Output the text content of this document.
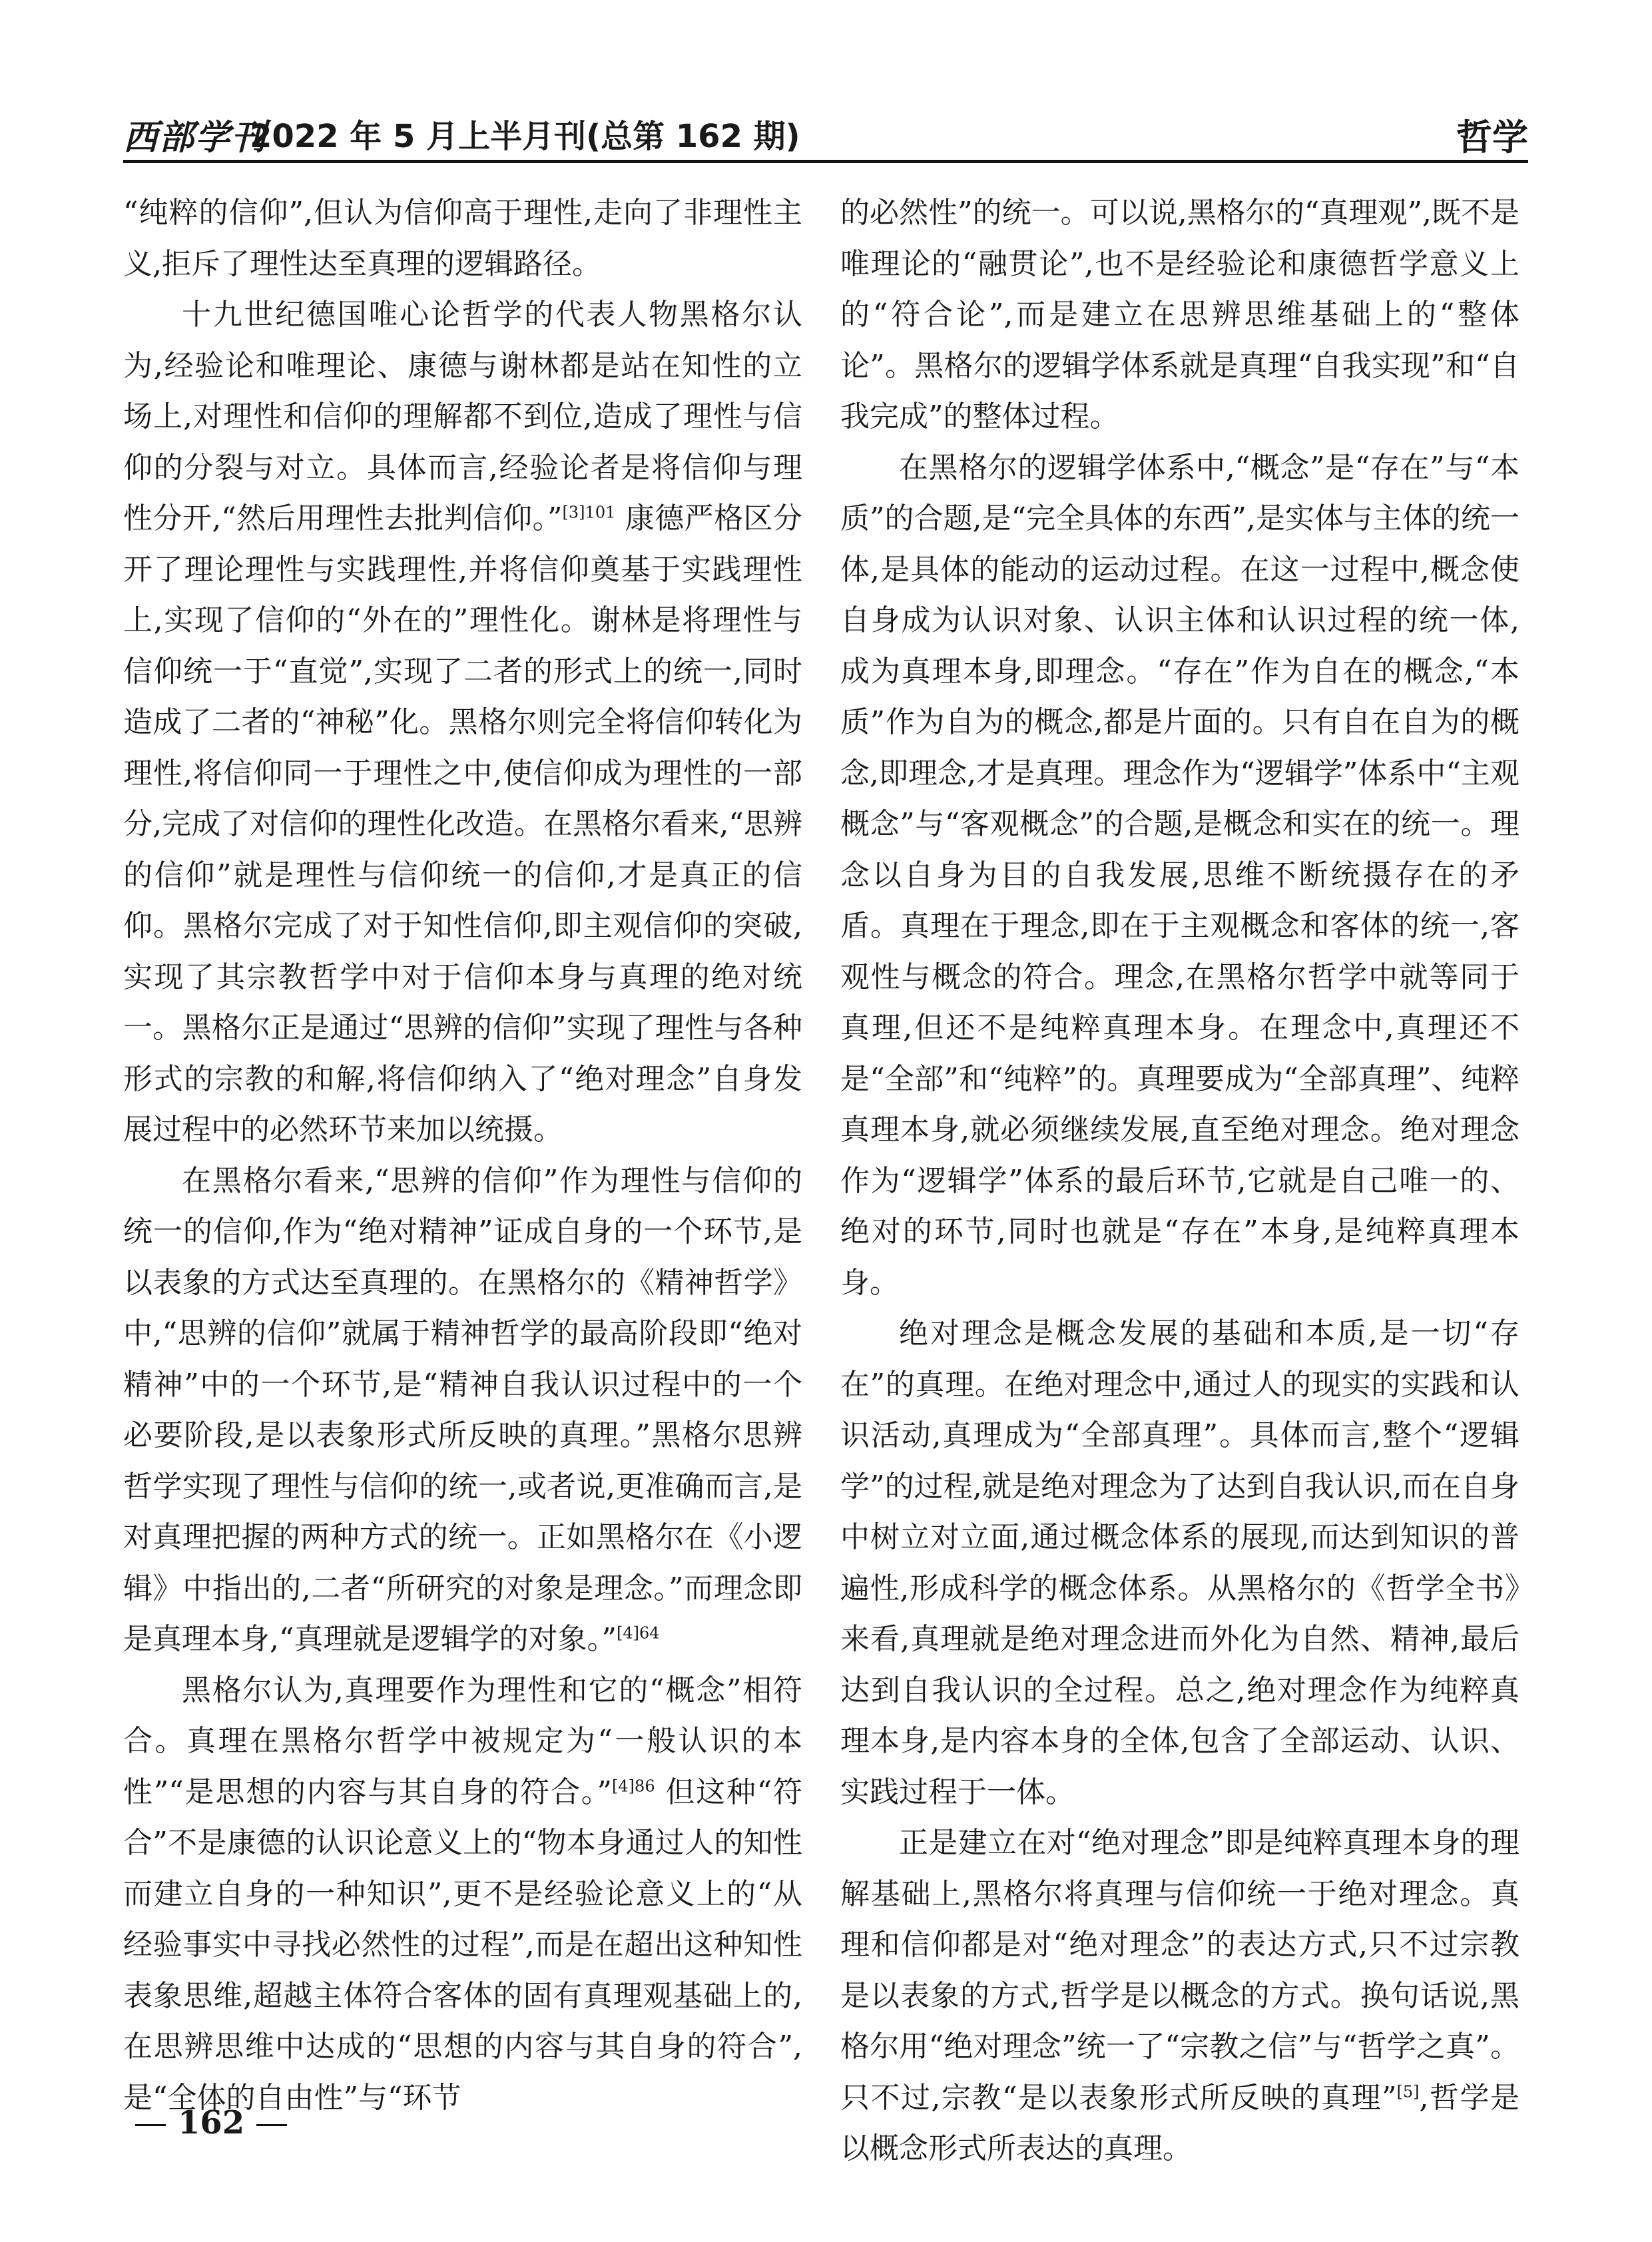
西部学刊
2022 年 5 月上半月刊(总第 162 期)	哲学

“纯粹的信仰”,但认为信仰高于理性,走向了非理性主义,拒斥了理性达至真理的逻辑路径。

十九世纪德国唯心论哲学的代表人物黑格尔认为,经验论和唯理论、康德与谢林都是站在知性的立场上,对理性和信仰的理解都不到位,造成了理性与信仰的分裂与对立。具体而言,经验论者是将信仰与理性分开,“然后用理性去批判信仰。”$^{[3]101}$ 康德严格区分开了理论理性与实践理性,并将信仰奠基于实践理性上,实现了信仰的“外在的”理性化。谢林是将理性与信仰统一于“直觉”,实现了二者的形式上的统一,同时造成了二者的“神秘”化。黑格尔则完全将信仰转化为理性,将信仰同一于理性之中,使信仰成为理性的一部分,完成了对信仰的理性化改造。在黑格尔看来,“思辨的信仰”就是理性与信仰统一的信仰,才是真正的信仰。黑格尔完成了对于知性信仰,即主观信仰的突破,实现了其宗教哲学中对于信仰本身与真理的绝对统一。黑格尔正是通过“思辨的信仰”实现了理性与各种形式的宗教的和解,将信仰纳入了“绝对理念”自身发展过程中的必然环节来加以统摄。

在黑格尔看来,“思辨的信仰”作为理性与信仰的统一的信仰,作为“绝对精神”证成自身的一个环节,是以表象的方式达至真理的。在黑格尔的《精神哲学》中,“思辨的信仰”就属于精神哲学的最高阶段即“绝对精神”中的一个环节,是“精神自我认识过程中的一个必要阶段,是以表象形式所反映的真理。”黑格尔思辨哲学实现了理性与信仰的统一,或者说,更准确而言,是对真理把握的两种方式的统一。正如黑格尔在《小逻辑》中指出的,二者“所研究的对象是理念。”而理念即是真理本身,“真理就是逻辑学的对象。”$^{[4]64}$

黑格尔认为,真理要作为理性和它的“概念”相符合。真理在黑格尔哲学中被规定为“一般认识的本性”“是思想的内容与其自身的符合。”$^{[4]86}$ 但这种“符合”不是康德的认识论意义上的“物本身通过人的知性而建立自身的一种知识”,更不是经验论意义上的“从经验事实中寻找必然性的过程”,而是在超出这种知性表象思维,超越主体符合客体的固有真理观基础上的,在思辨思维中达成的“思想的内容与其自身的符合”,是“全体的自由性”与“环节

的必然性”的统一。可以说,黑格尔的“真理观”,既不是唯理论的“融贯论”,也不是经验论和康德哲学意义上的“符合论”,而是建立在思辨思维基础上的“整体论”。黑格尔的逻辑学体系就是真理“自我实现”和“自我完成”的整体过程。

在黑格尔的逻辑学体系中,“概念”是“存在”与“本质”的合题,是“完全具体的东西”,是实体与主体的统一体,是具体的能动的运动过程。在这一过程中,概念使自身成为认识对象、认识主体和认识过程的统一体,成为真理本身,即理念。“存在”作为自在的概念,“本质”作为自为的概念,都是片面的。只有自在自为的概念,即理念,才是真理。理念作为“逻辑学”体系中“主观概念”与“客观概念”的合题,是概念和实在的统一。理念以自身为目的自我发展,思维不断统摄存在的矛盾。真理在于理念,即在于主观概念和客体的统一,客观性与概念的符合。理念,在黑格尔哲学中就等同于真理,但还不是纯粹真理本身。在理念中,真理还不是“全部”和“纯粹”的。真理要成为“全部真理”、纯粹真理本身,就必须继续发展,直至绝对理念。绝对理念作为“逻辑学”体系的最后环节,它就是自己唯一的、绝对的环节,同时也就是“存在”本身,是纯粹真理本身。

绝对理念是概念发展的基础和本质,是一切“存在”的真理。在绝对理念中,通过人的现实的实践和认识活动,真理成为“全部真理”。具体而言,整个“逻辑学”的过程,就是绝对理念为了达到自我认识,而在自身中树立对立面,通过概念体系的展现,而达到知识的普遍性,形成科学的概念体系。从黑格尔的《哲学全书》来看,真理就是绝对理念进而外化为自然、精神,最后达到自我认识的全过程。总之,绝对理念作为纯粹真理本身,是内容本身的全体,包含了全部运动、认识、实践过程于一体。

正是建立在对“绝对理念”即是纯粹真理本身的理解基础上,黑格尔将真理与信仰统一于绝对理念。真理和信仰都是对“绝对理念”的表达方式,只不过宗教是以表象的方式,哲学是以概念的方式。换句话说,黑格尔用“绝对理念”统一了“宗教之信”与“哲学之真”。只不过,宗教“是以表象形式所反映的真理”[5],哲学是以概念形式所表达的真理。

162
